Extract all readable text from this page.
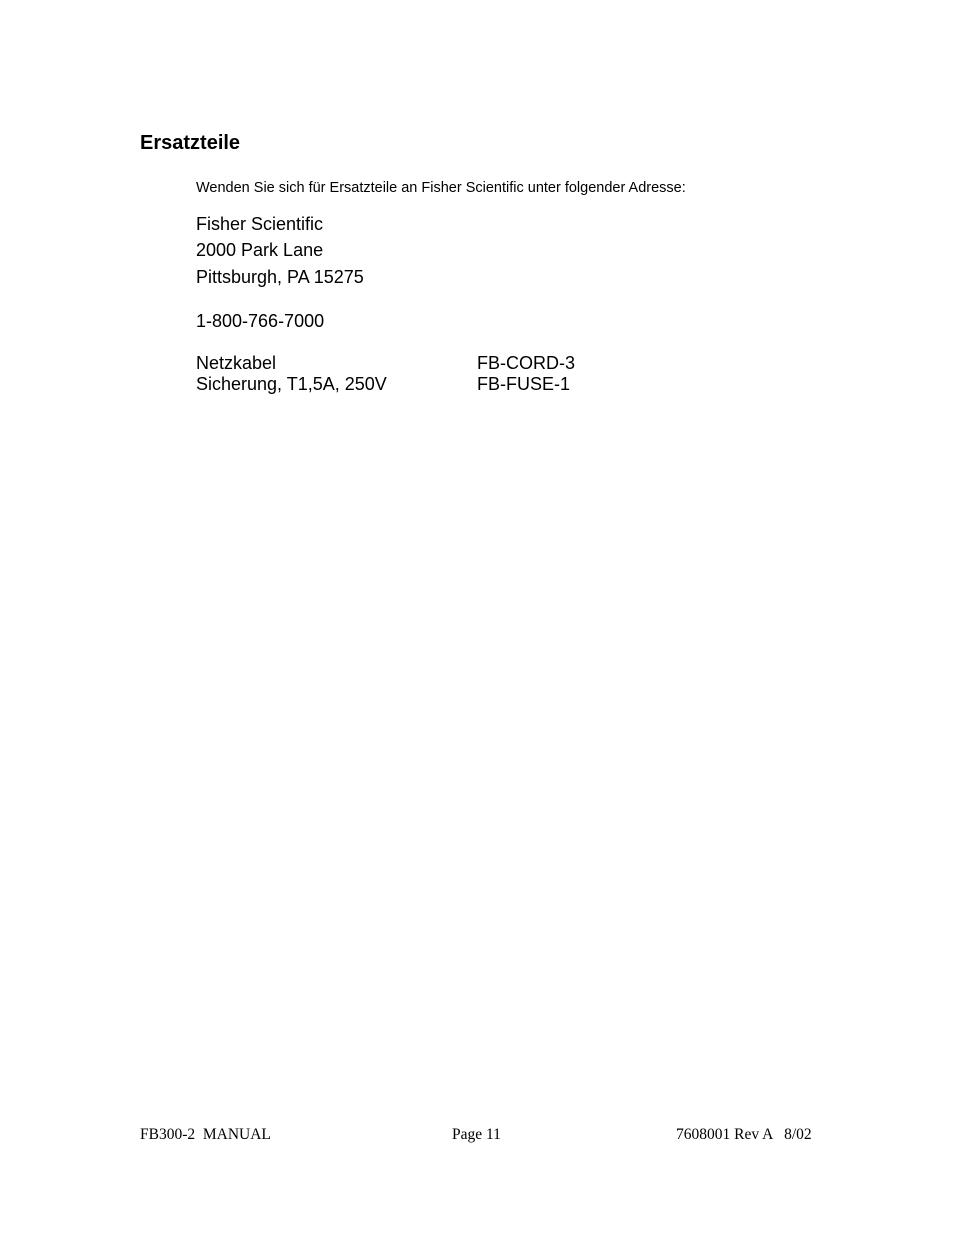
Ersatzteile
Wenden Sie sich für Ersatzteile an Fisher Scientific unter folgender Adresse:
Fisher Scientific
2000 Park Lane
Pittsburgh, PA 15275
1-800-766-7000
Netzkabel	FB-CORD-3
Sicherung, T1,5A, 250V	FB-FUSE-1
FB300-2  MANUAL	Page 11	7608001 Rev A   8/02
